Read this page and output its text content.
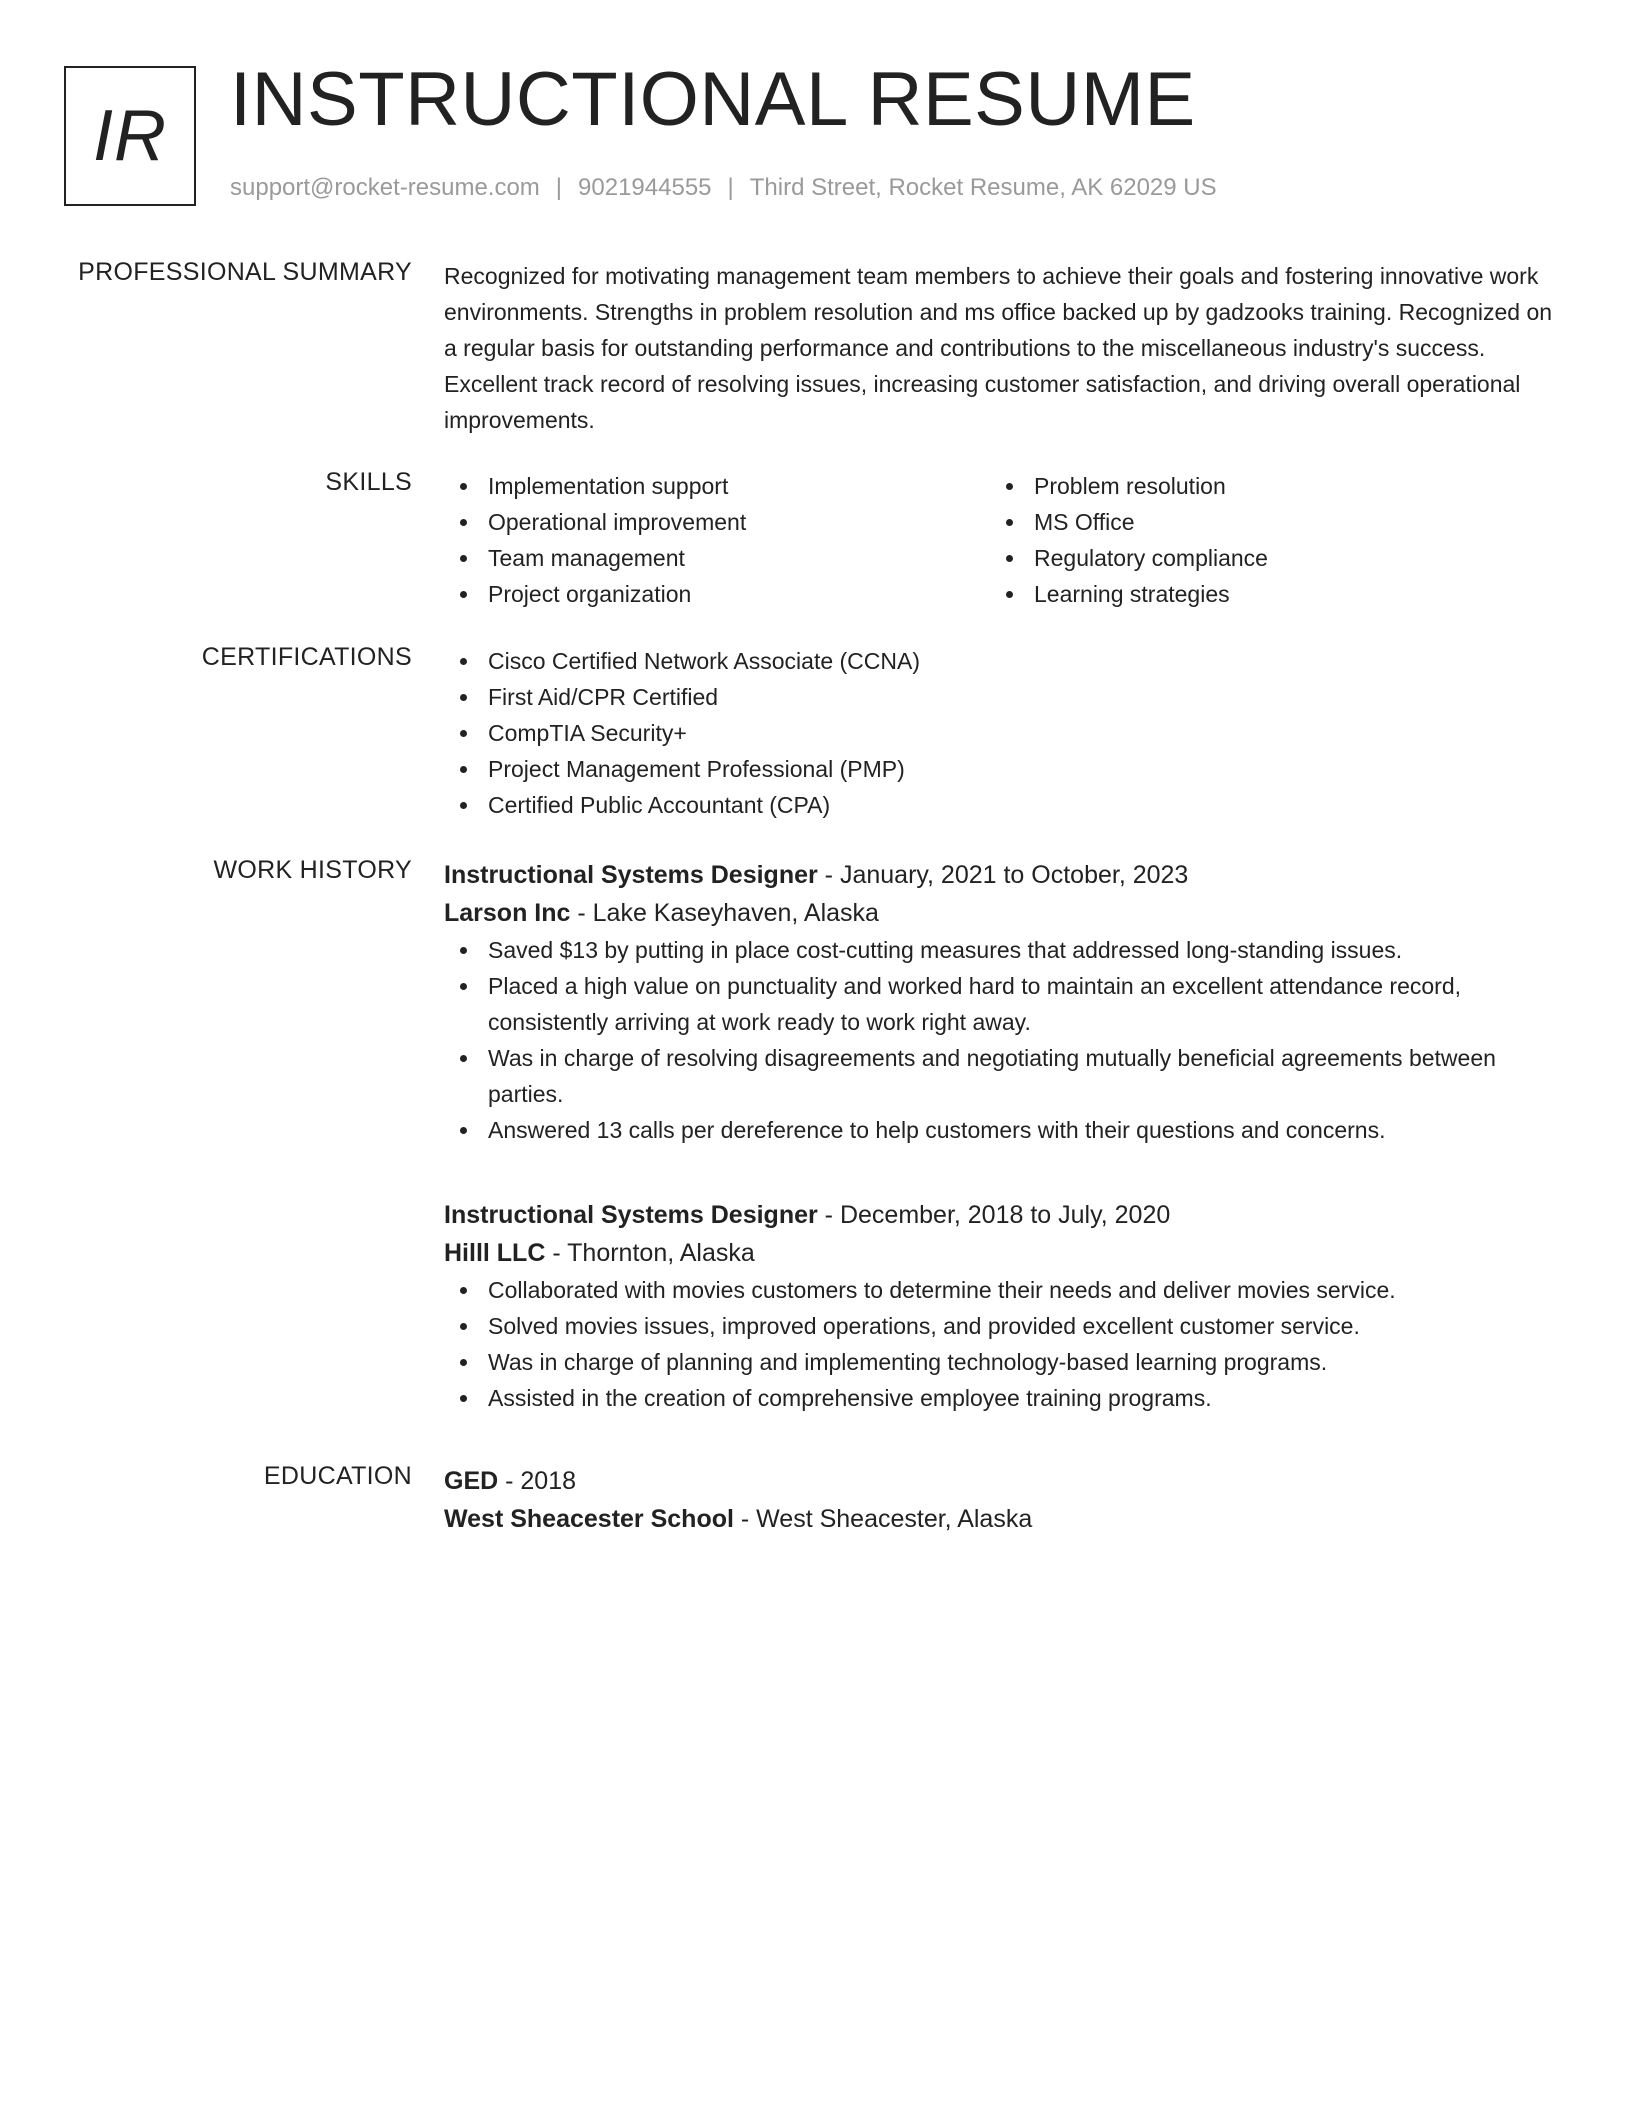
IR INSTRUCTIONAL RESUME
support@rocket-resume.com | 9021944555 | Third Street, Rocket Resume, AK 62029 US
PROFESSIONAL SUMMARY Recognized for motivating management team members to achieve their goals and fostering innovative work environments. Strengths in problem resolution and ms office backed up by gadzooks training. Recognized on a regular basis for outstanding performance and contributions to the miscellaneous industry's success. Excellent track record of resolving issues, increasing customer satisfaction, and driving overall operational improvements.

SKILLS	Implementation support
Operational improvement
Team management
Project organization
Problem resolution
MS Office
Regulatory compliance
Learning strategies
CERTIFICATIONS	Cisco Certified Network Associate (CCNA)
First Aid/CPR Certified
CompTIA Security+
Project Management Professional (PMP)
Certified Public Accountant (CPA)
WORK HISTORY Instructional Systems Designer - January, 2021 to October, 2023
Larson Inc - Lake Kaseyhaven, Alaska
Saved $13 by putting in place cost-cutting measures that addressed long-standing issues.
Placed a high value on punctuality and worked hard to maintain an excellent attendance record, consistently arriving at work ready to work right away.
Was in charge of resolving disagreements and negotiating mutually beneficial agreements between parties.
Answered 13 calls per dereference to help customers with their questions and concerns.
Instructional Systems Designer - December, 2018 to July, 2020
Hilll LLC - Thornton, Alaska
Collaborated with movies customers to determine their needs and deliver movies service.
Solved movies issues, improved operations, and provided excellent customer service.
Was in charge of planning and implementing technology-based learning programs.
Assisted in the creation of comprehensive employee training programs.
EDUCATION GED - 2018
West Sheacester School - West Sheacester, Alaska
